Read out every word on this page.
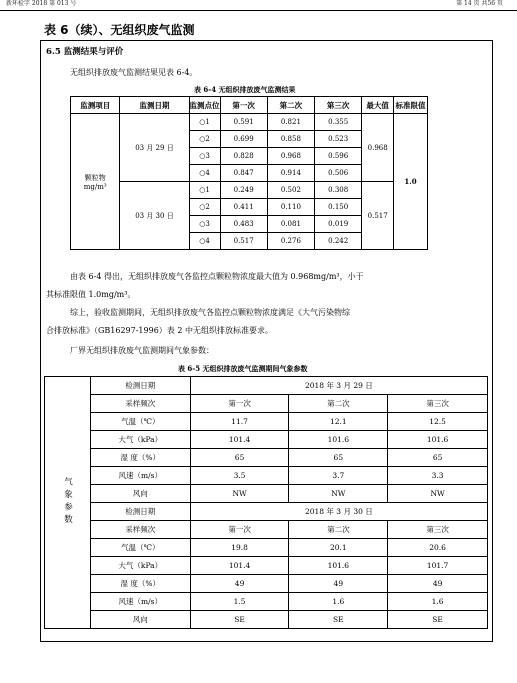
新环检字 2018 第 013 号	第 14 页 共56 页
表 6（续）、无组织废气监测
6.5 监测结果与评价
无组织排放废气监测结果见表 6-4。
表 6-4 无组织排放废气监测结果
监测项目	监测日期	监测点位	第一次	第二次	第三次	最大值	标准限值

颗粒物
mg/m³	03 月 29 日	○1	0.591	0.821	0.355	0.968	1.0
		○2	0.699	0.858	0.523		
		○3	0.828	0.968	0.596		
		○4	0.847	0.914	0.506		
	03 月 30 日	○1	0.249	0.502	0.308	0.517	
		○2	0.411	0.110	0.150		
		○3	0.483	0.081	0.019		
		○4	0.517	0.276	0.242		
由表 6-4 得出，无组织排放废气各监控点颗粒物浓度最大值为 0.968mg/m³，小于
其标准限值 1.0mg/m³。
综上，验收监测期间，无组织排放废气各监控点颗粒物浓度满足《大气污染物综
合排放标准》（GB16297-1996）表 2 中无组织排放标准要求。
厂界无组织排放废气监测期间气象参数：
表 6-5 无组织排放废气监测期间气象参数
气象参数	检测日期	2018 年 3 月 29 日		
	采样频次	第一次	第二次	第三次
	气温（℃）	11.7	12.1	12.5
	大气（kPa）	101.4	101.6	101.6
	湿 度（%）	65	65	65
	风速（m/s）	3.5	3.7	3.3
	风向	NW	NW	NW
	检测日期	2018 年 3 月 30 日		
	采样频次	第一次	第二次	第三次
	气温（℃）	19.8	20.1	20.6
	大气（kPa）	101.4	101.6	101.7
	湿 度（%）	49	49	49
	风速（m/s）	1.5	1.6	1.6
	风向	SE	SE	SE
